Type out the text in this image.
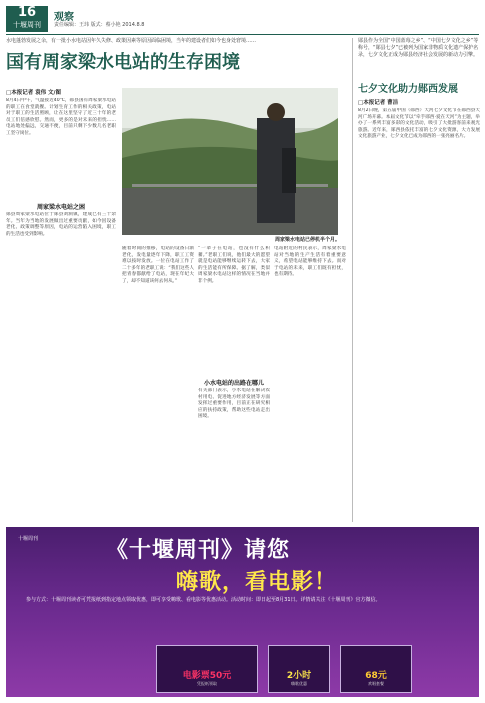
16
十堰周刊
观察
责任编辑：王玮 版式：蔡小艳 2014.8.8
水电蓬勃发展之余，有一批小水电站因年久失修、政策因素等原因面临困境，当年的建设者们如今也身处窘境……
国有周家梁水电站的生存困境
□本报记者 袁伟 文/图
8月4日中午，气温接近40℃，郧县国有周家梁水电站的职工在食堂就餐。计划生育工作的相关政策，电站对于职工的生活照顾，让在这里坚守了近三十年的老员工们倍感欣慰。然而，更多的是对未来的担忧……电站地处偏远，交通不便，目前只剩下少数几名老职工坚守岗位。
周家梁水电站之困
郧县周家梁水电站位于郧县刘洞镇，建成已有三十余年。当年为当地的发展做出过重要贡献，如今因设备老化、政策调整等原因，电站的运营陷入困境，职工的生活也受到影响。
周家梁水电站已停机半个月。
随着时间的推移，电站的设备日渐老化，发电量逐年下降，职工工资难以按时发放。一位在电站工作了二十多年的老职工说：“我们这些人把青春都献给了电站，现在年纪大了，却不知道该何去何从。”
“一辈子在电站，也没有什么积蓄。”老职工们说，他们最大的愿望就是电站能够继续运转下去，大家的生活能有所保障。据了解，类似周家梁水电站这样的情况在当地并非个例。
小水电站的出路在哪儿
有关部门表示，小水电站在解决农村用电、促进地方经济发展等方面发挥过重要作用，目前正在研究相应的扶持政策，帮助这些电站走出困境。
电站附近的村民表示，周家梁水电站对当地的生产生活有着重要意义，希望电站能够维持下去。而对于电站的未来，职工们既有担忧，也有期待。
郧县作为全国“中国蓝莓之乡”、“中国七夕文化之乡”等称号，“郧县七夕”已被列为国家非物质文化遗产保护名录，七夕文化正成为郧县经济社会发展的新动力引擎。
七夕文化助力郧西发展
□本报记者 曹洁
8月2日晚，第五届中国（郧西）天河七夕文化节在郧西县天河广场开幕。本届文化节以“牵手郧西·爱在天河”为主题，举办了一系列丰富多彩的文化活动，吸引了大批游客前来观光旅游。近年来，郧西县依托丰富的七夕文化资源，大力发展文化旅游产业，七夕文化已成为郧西的一张亮丽名片。
十堰周刊	《十堰周刊》请您
嗨歌，看电影！
参与方式：十堰周刊读者可凭报纸到指定地点领取优惠，即可享受嗨歌、看电影等优惠活动。活动时间：即日起至8月31日。详情请关注《十堰周刊》官方微信。
电影票50元
凭报纸领取
2小时
嗨歌优惠
68元
欢唱套餐
